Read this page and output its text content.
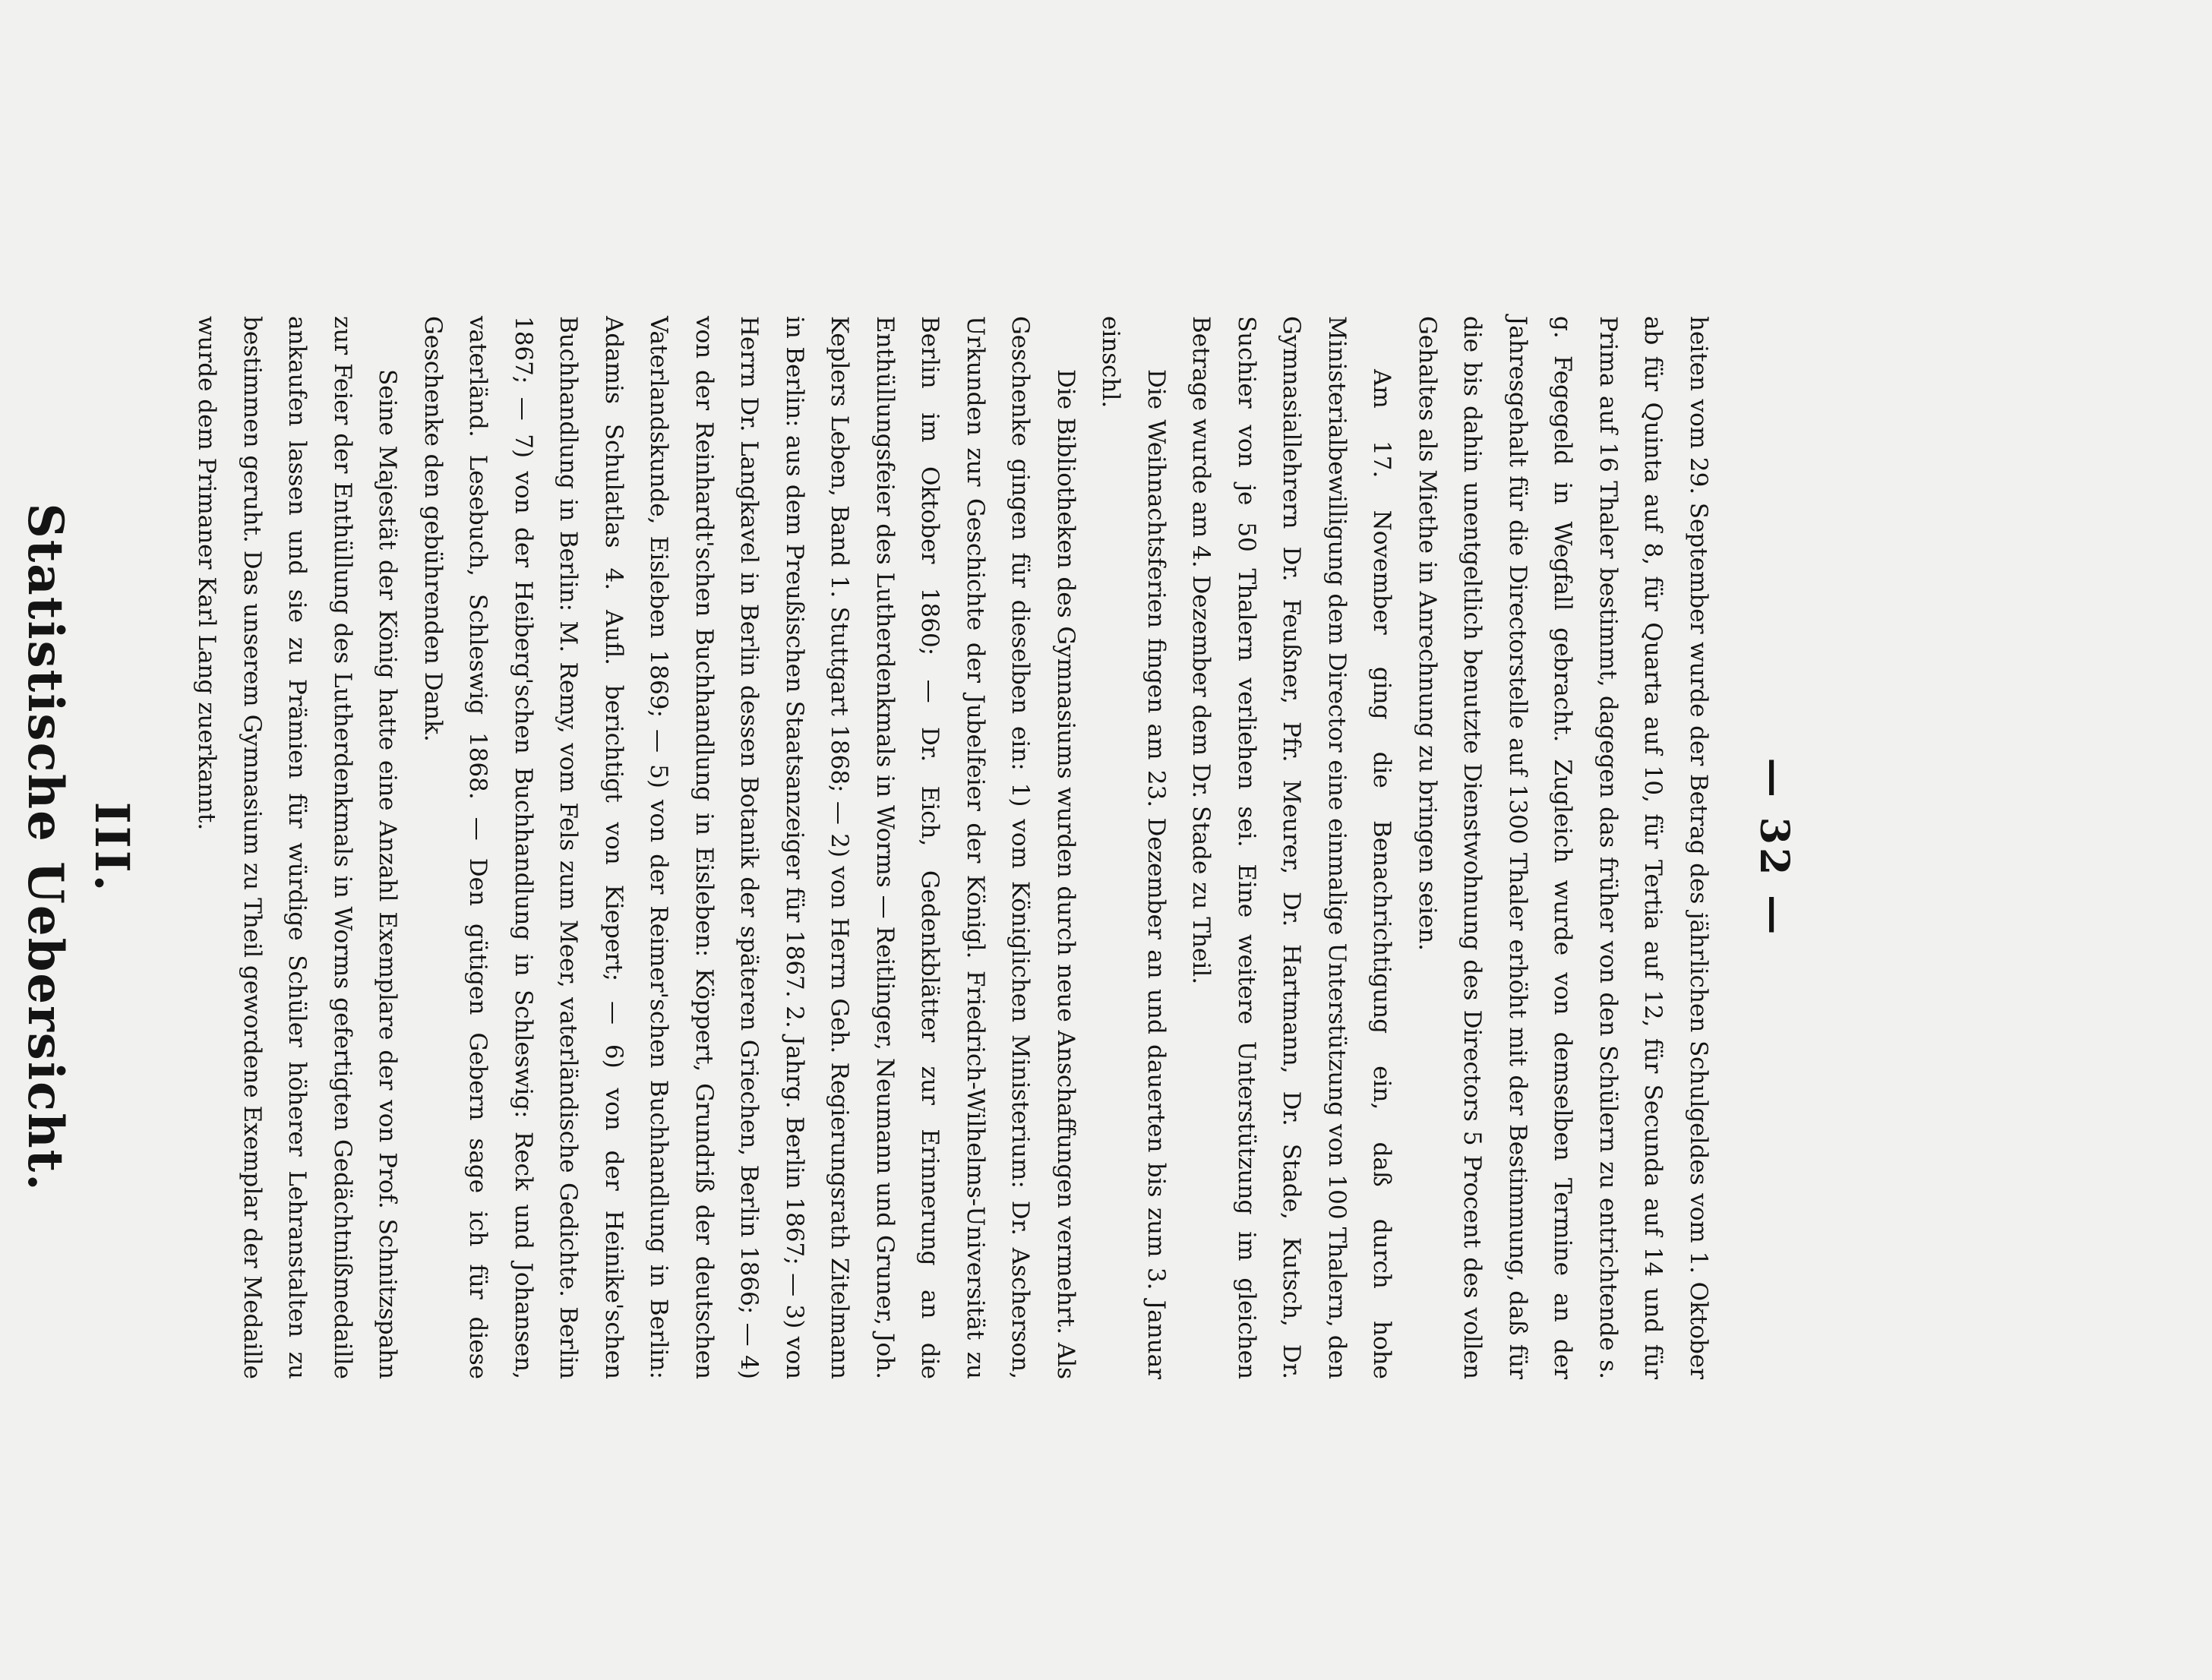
— 32 —

heiten vom 29. September wurde der Betrag des jährlichen Schulgeldes vom 1. Oktober ab für Quinta auf 8, für Quarta auf 10, für Tertia auf 12, für Secunda auf 14 und für Prima auf 16 Thaler bestimmt, dagegen das früher von den Schülern zu entrichtende s. g. Fegegeld in Wegfall gebracht. Zugleich wurde von demselben Termine an der Jahresgehalt für die Directorstelle auf 1300 Thaler erhöht mit der Bestimmung, daß für die bis dahin unentgeltlich benutzte Dienstwohnung des Directors 5 Procent des vollen Gehaltes als Miethe in Anrechnung zu bringen seien.

Am 17. November ging die Benachrichtigung ein, daß durch hohe Ministerialbewilligung dem Director eine einmalige Unterstützung von 100 Thalern, den Gymnasiallehrern Dr. Feußner, Pfr. Meurer, Dr. Hartmann, Dr. Stade, Kutsch, Dr. Suchier von je 50 Thalern verliehen sei. Eine weitere Unterstützung im gleichen Betrage wurde am 4. Dezember dem Dr. Stade zu Theil.

Die Weihnachtsferien fingen am 23. Dezember an und dauerten bis zum 3. Januar einschl.

Die Bibliotheken des Gymnasiums wurden durch neue Anschaffungen vermehrt. Als Geschenke gingen für dieselben ein: 1) vom Königlichen Ministerium: Dr. Ascherson, Urkunden zur Geschichte der Jubelfeier der Königl. Friedrich-Wilhelms-Universität zu Berlin im Oktober 1860; — Dr. Eich, Gedenkblätter zur Erinnerung an die Enthüllungsfeier des Lutherdenkmals in Worms — Reitlinger, Neumann und Gruner, Joh. Keplers Leben, Band 1. Stuttgart 1868; — 2) von Herrn Geh. Regierungsrath Zitelmann in Berlin: aus dem Preußischen Staatsanzeiger für 1867. 2. Jahrg. Berlin 1867; — 3) von Herrn Dr. Langkavel in Berlin dessen Botanik der späteren Griechen, Berlin 1866; — 4) von der Reinhardt'schen Buchhandlung in Eisleben: Köppert, Grundriß der deutschen Vaterlandskunde, Eisleben 1869; — 5) von der Reimer'schen Buchhandlung in Berlin: Adamis Schulatlas 4. Aufl. berichtigt von Kiepert; — 6) von der Heinike'schen Buchhandlung in Berlin: M. Remy, vom Fels zum Meer, vaterländische Gedichte. Berlin 1867; — 7) von der Heiberg'schen Buchhandlung in Schleswig: Reck und Johansen, vaterländ. Lesebuch, Schleswig 1868. — Den gütigen Gebern sage ich für diese Geschenke den gebührenden Dank.

Seine Majestät der König hatte eine Anzahl Exemplare der von Prof. Schnitzspahn zur Feier der Enthüllung des Lutherdenkmals in Worms gefertigten Gedächtnißmedaille ankaufen lassen und sie zu Prämien für würdige Schüler höherer Lehranstalten zu bestimmen geruht. Das unserem Gymnasium zu Theil gewordene Exemplar der Medaille wurde dem Primaner Karl Lang zuerkannt.

III.
Statistische Uebersicht.
